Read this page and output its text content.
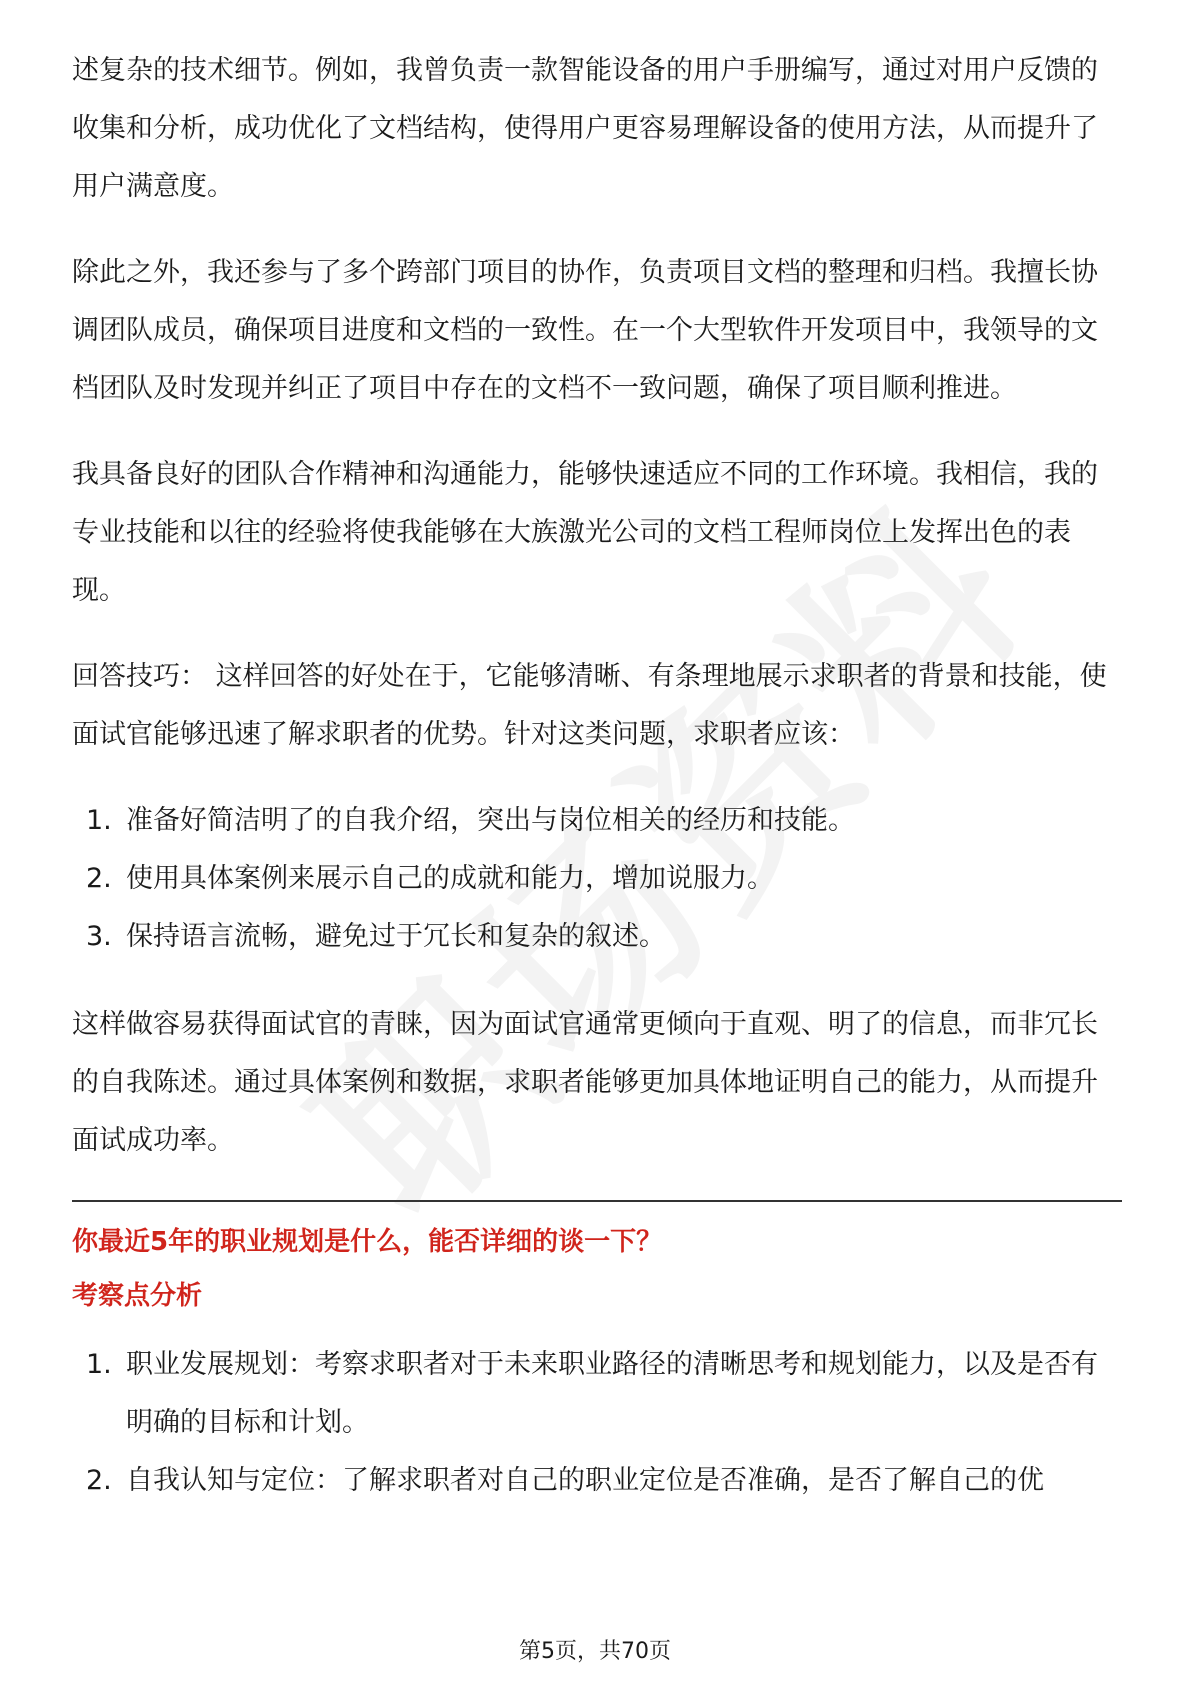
述复杂的技术细节。例如，我曾负责一款智能设备的用户手册编写，通过对用户反馈的收集和分析，成功优化了文档结构，使得用户更容易理解设备的使用方法，从而提升了用户满意度。

除此之外，我还参与了多个跨部门项目的协作，负责项目文档的整理和归档。我擅长协调团队成员，确保项目进度和文档的一致性。在一个大型软件开发项目中，我领导的文档团队及时发现并纠正了项目中存在的文档不一致问题，确保了项目顺利推进。

我具备良好的团队合作精神和沟通能力，能够快速适应不同的工作环境。我相信，我的专业技能和以往的经验将使我能够在大族激光公司的文档工程师岗位上发挥出色的表现。

回答技巧： 这样回答的好处在于，它能够清晰、有条理地展示求职者的背景和技能，使面试官能够迅速了解求职者的优势。针对这类问题，求职者应该：

1. 准备好简洁明了的自我介绍，突出与岗位相关的经历和技能。
2. 使用具体案例来展示自己的成就和能力，增加说服力。
3. 保持语言流畅，避免过于冗长和复杂的叙述。

这样做容易获得面试官的青睐，因为面试官通常更倾向于直观、明了的信息，而非冗长的自我陈述。通过具体案例和数据，求职者能够更加具体地证明自己的能力，从而提升面试成功率。

你最近5年的职业规划是什么，能否详细的谈一下？
考察点分析
1. 职业发展规划：考察求职者对于未来职业路径的清晰思考和规划能力，以及是否有明确的目标和计划。
2. 自我认知与定位：了解求职者对自己的职业定位是否准确，是否了解自己的优
第5页，共70页
